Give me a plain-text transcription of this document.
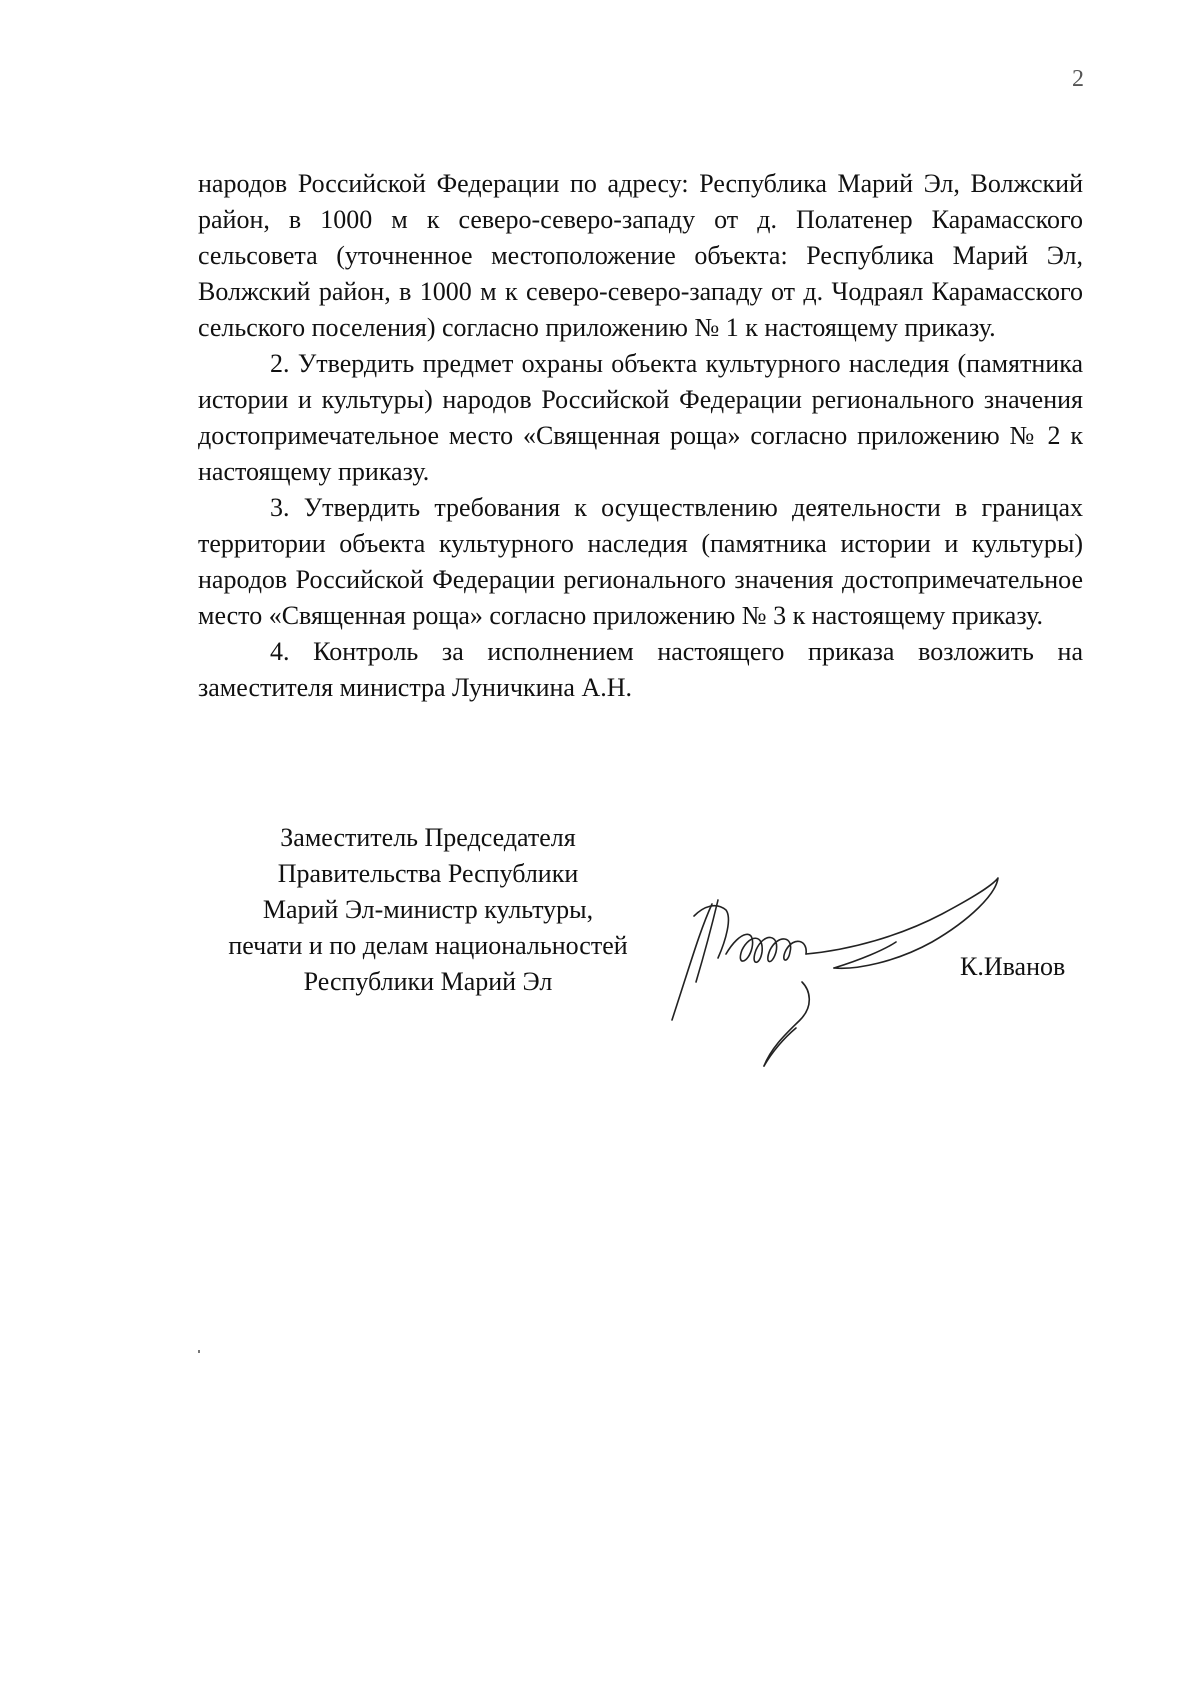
2

народов Российской Федерации по адресу: Республика Марий Эл, Волжский район, в 1000 м к северо-северо-западу от д. Полатенер Карамасского сельсовета (уточненное местоположение объекта: Республика Марий Эл, Волжский район, в 1000 м к северо-северо-западу от д. Чодраял Карамасского сельского поселения) согласно приложению № 1 к настоящему приказу.

2. Утвердить предмет охраны объекта культурного наследия (памятника истории и культуры) народов Российской Федерации регионального значения достопримечательное место «Священная роща» согласно приложению № 2 к настоящему приказу.

3. Утвердить требования к осуществлению деятельности в границах территории объекта культурного наследия (памятника истории и культуры) народов Российской Федерации регионального значения достопримечательное место «Священная роща» согласно приложению № 3 к настоящему приказу.

4. Контроль за исполнением настоящего приказа возложить на заместителя министра Луничкина А.Н.

Заместитель Председателя
Правительства Республики
Марий Эл-министр культуры,
печати и по делам национальностей
Республики Марий Эл
К.Иванов
